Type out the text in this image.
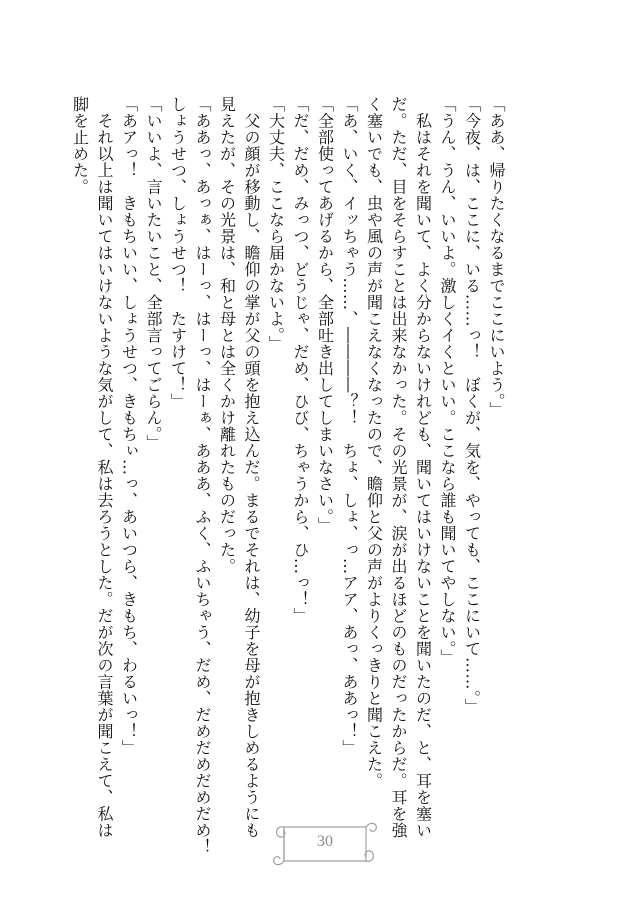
「ああ、帰りたくなるまでここにいよう。」
「今夜、は、ここに、いる……っ！　ぼくが、気を、やっても、ここにいて……。」
「うん、うん、いいよ。激しくイくといい。ここなら誰も聞いてやしない。」
　私はそれを聞いて、よく分からないけれども、聞いてはいけないことを聞いたのだ、と、耳を塞い
だ。ただ、目をそらすことは出来なかった。その光景が、涙が出るほどのものだったからだ。耳を強
く塞いでも、虫や風の声が聞こえなくなったので、瞻仰と父の声がよりくっきりと聞こえた。
「あ、いく、イッちゃう……、――――？！　ちょ、しょ、っ…アア、あっ、ああっ！」
「全部使ってあげるから、全部吐き出してしまいなさい。」
「だ、だめ、みっつ、どうじゃ、だめ、ひび、ちゃうから、ひ…っ！」
「大丈夫、ここなら届かないよ。」
　父の顔が移動し、瞻仰の掌が父の頭を抱え込んだ。まるでそれは、幼子を母が抱きしめるようにも
見えたが、その光景は、和と母とは全くかけ離れたものだった。
「ああっ、あっぁ、はーっ、はーっ、はーぁ、あああ、ふく、ふいちゃう、だめ、だめだめだめだめ！
しょうせつ、しょうせつ！　たすけて！」
「いいよ、言いたいこと、全部言ってごらん。」
「あアっ！　きもちいい、しょうせつ、きもちぃ…っ、あいつら、きもち、わるいっ！」
　それ以上は聞いてはいけないような気がして、私は去ろうとした。だが次の言葉が聞こえて、私は
脚を止めた。
30
